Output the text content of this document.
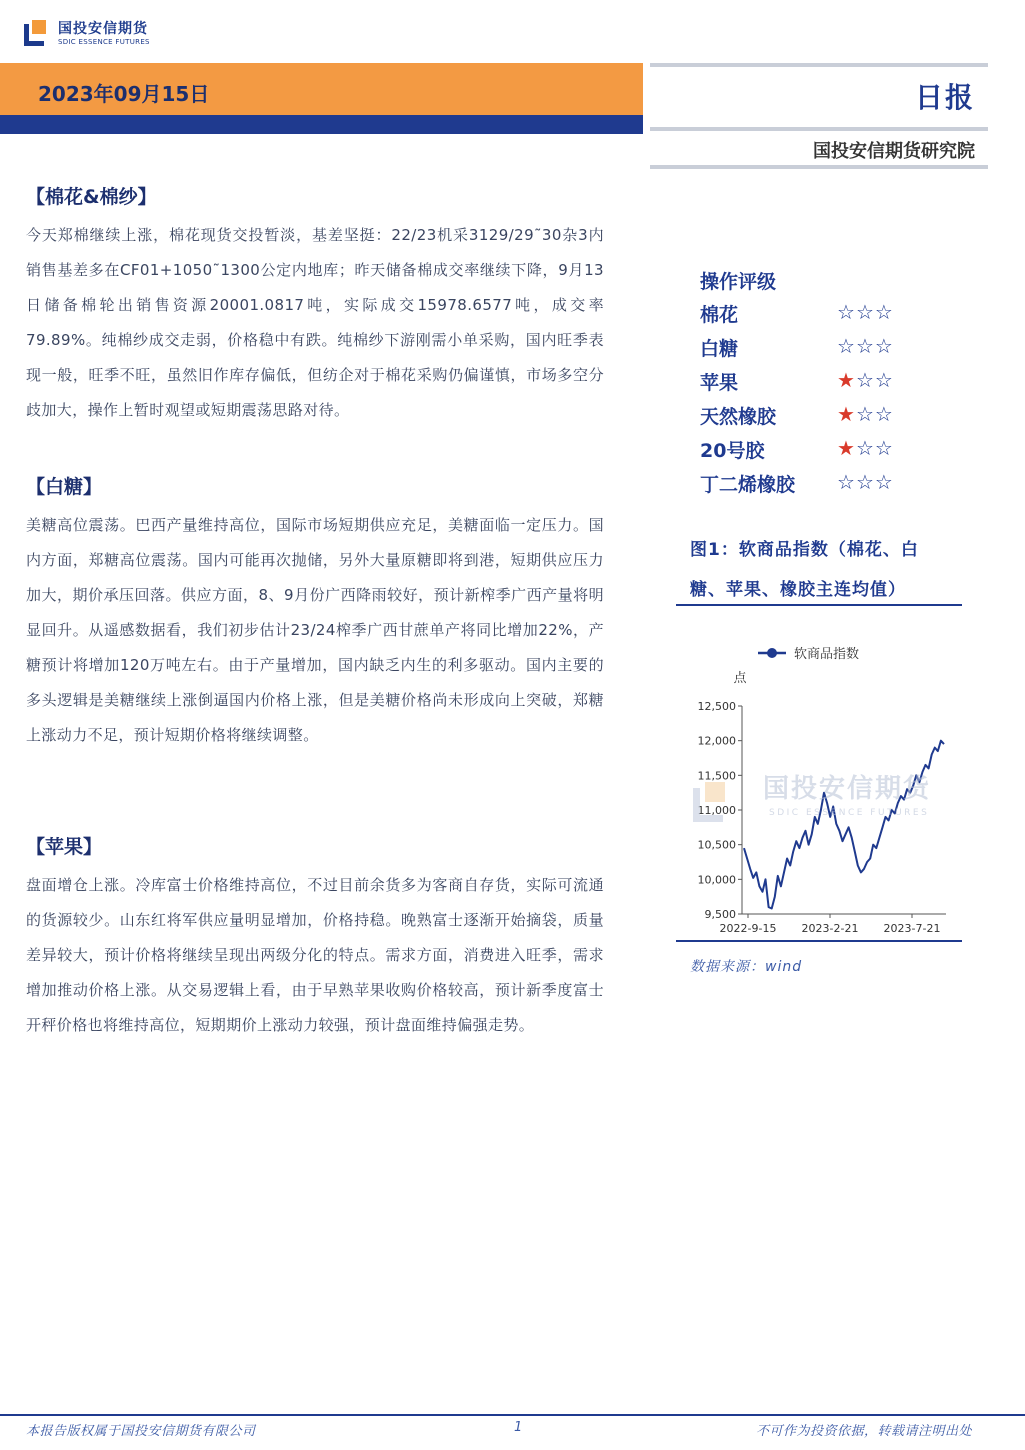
国投安信期货
SDIC ESSENCE FUTURES
2023年09月15日	日报
国投安信期货研究院
【棉花&棉纱】

今天郑棉继续上涨，棉花现货交投暂淡，基差坚挺：22/23机采3129/29˜30杂3内销售基差多在CF01+1050˜1300公定内地库；昨天储备棉成交率继续下降，9月13日储备棉轮出销售资源20001.0817吨，实际成交15978.6577吨，成交率79.89%。纯棉纱成交走弱，价格稳中有跌。纯棉纱下游刚需小单采购，国内旺季表现一般，旺季不旺，虽然旧作库存偏低，但纺企对于棉花采购仍偏谨慎，市场多空分歧加大，操作上暂时观望或短期震荡思路对待。

【白糖】

美糖高位震荡。巴西产量维持高位，国际市场短期供应充足，美糖面临一定压力。国内方面，郑糖高位震荡。国内可能再次抛储，另外大量原糖即将到港，短期供应压力加大，期价承压回落。供应方面，8、9月份广西降雨较好，预计新榨季广西产量将明显回升。从遥感数据看，我们初步估计23/24榨季广西甘蔗单产将同比增加22%，产糖预计将增加120万吨左右。由于产量增加，国内缺乏内生的利多驱动。国内主要的多头逻辑是美糖继续上涨倒逼国内价格上涨，但是美糖价格尚未形成向上突破，郑糖上涨动力不足，预计短期价格将继续调整。

【苹果】

盘面增仓上涨。冷库富士价格维持高位，不过目前余货多为客商自存货，实际可流通的货源较少。山东红将军供应量明显增加，价格持稳。晚熟富士逐渐开始摘袋，质量差异较大，预计价格将继续呈现出两级分化的特点。需求方面，消费进入旺季，需求增加推动价格上涨。从交易逻辑上看，由于早熟苹果收购价格较高，预计新季度富士开秤价格也将维持高位，短期期价上涨动力较强，预计盘面维持偏强走势。

操作评级
棉花	☆☆☆
白糖	☆☆☆
苹果	★☆☆
天然橡胶	★☆☆
20号胶	★☆☆
丁二烯橡胶 ☆☆☆
图1：软商品指数（棉花、白糖、苹果、橡胶主连均值）
软商品指数
点
9,500
10,000
10,500
11,000
11,500
12,000
12,500
2022-9-15 2023-2-21 2023-7-21
国投安信期货
SDIC ESSENCE FUTURES
数据来源：wind
本报告版权属于国投安信期货有限公司	1	不可作为投资依据，转载请注明出处
